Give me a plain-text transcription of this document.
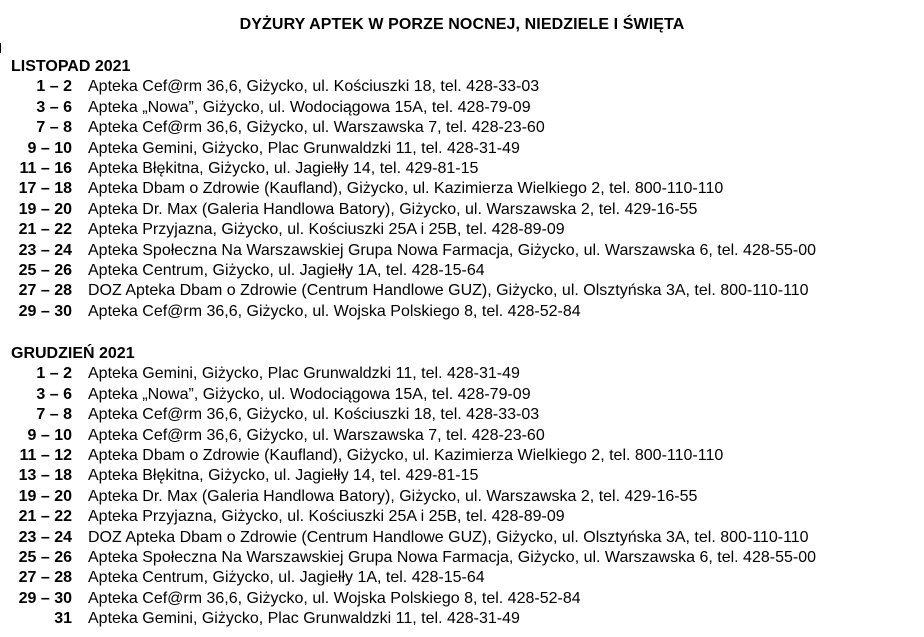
DYŻURY APTEK W PORZE NOCNEJ, NIEDZIELE I ŚWIĘTA
LISTOPAD 2021
1 – 2	Apteka Cef@rm 36,6, Giżycko, ul. Kościuszki 18, tel. 428-33-03
3 – 6	Apteka „Nowa”, Giżycko, ul. Wodociągowa 15A, tel. 428-79-09
7 – 8	Apteka Cef@rm 36,6, Giżycko, ul. Warszawska 7, tel. 428-23-60
9 – 10	Apteka Gemini, Giżycko, Plac Grunwaldzki 11, tel. 428-31-49
11 – 16	Apteka Błękitna, Giżycko, ul. Jagiełły 14, tel. 429-81-15
17 – 18	Apteka Dbam o Zdrowie (Kaufland), Giżycko, ul. Kazimierza Wielkiego 2, tel. 800-110-110
19 – 20	Apteka Dr. Max (Galeria Handlowa Batory), Giżycko, ul. Warszawska 2, tel. 429-16-55
21 – 22	Apteka Przyjazna, Giżycko, ul. Kościuszki 25A i 25B, tel. 428-89-09
23 – 24	Apteka Społeczna Na Warszawskiej Grupa Nowa Farmacja, Giżycko, ul. Warszawska 6, tel. 428-55-00
25 – 26	Apteka Centrum, Giżycko, ul. Jagiełły 1A, tel. 428-15-64
27 – 28	DOZ Apteka Dbam o Zdrowie (Centrum Handlowe GUZ), Giżycko, ul. Olsztyńska 3A, tel. 800-110-110
29 – 30	Apteka Cef@rm 36,6, Giżycko, ul. Wojska Polskiego 8, tel. 428-52-84
GRUDZIEŃ 2021
1 – 2	Apteka Gemini, Giżycko, Plac Grunwaldzki 11, tel. 428-31-49
3 – 6	Apteka „Nowa”, Giżycko, ul. Wodociągowa 15A, tel. 428-79-09
7 – 8	Apteka Cef@rm 36,6, Giżycko, ul. Kościuszki 18, tel. 428-33-03
9 – 10	Apteka Cef@rm 36,6, Giżycko, ul. Warszawska 7, tel. 428-23-60
11 – 12	Apteka Dbam o Zdrowie (Kaufland), Giżycko, ul. Kazimierza Wielkiego 2, tel. 800-110-110
13 – 18	Apteka Błękitna, Giżycko, ul. Jagiełły 14, tel. 429-81-15
19 – 20	Apteka Dr. Max (Galeria Handlowa Batory), Giżycko, ul. Warszawska 2, tel. 429-16-55
21 – 22	Apteka Przyjazna, Giżycko, ul. Kościuszki 25A i 25B, tel. 428-89-09
23 – 24	DOZ Apteka Dbam o Zdrowie (Centrum Handlowe GUZ), Giżycko, ul. Olsztyńska 3A, tel. 800-110-110
25 – 26	Apteka Społeczna Na Warszawskiej Grupa Nowa Farmacja, Giżycko, ul. Warszawska 6, tel. 428-55-00
27 – 28	Apteka Centrum, Giżycko, ul. Jagiełły 1A, tel. 428-15-64
29 – 30	Apteka Cef@rm 36,6, Giżycko, ul. Wojska Polskiego 8, tel. 428-52-84
31	Apteka Gemini, Giżycko, Plac Grunwaldzki 11, tel. 428-31-49
